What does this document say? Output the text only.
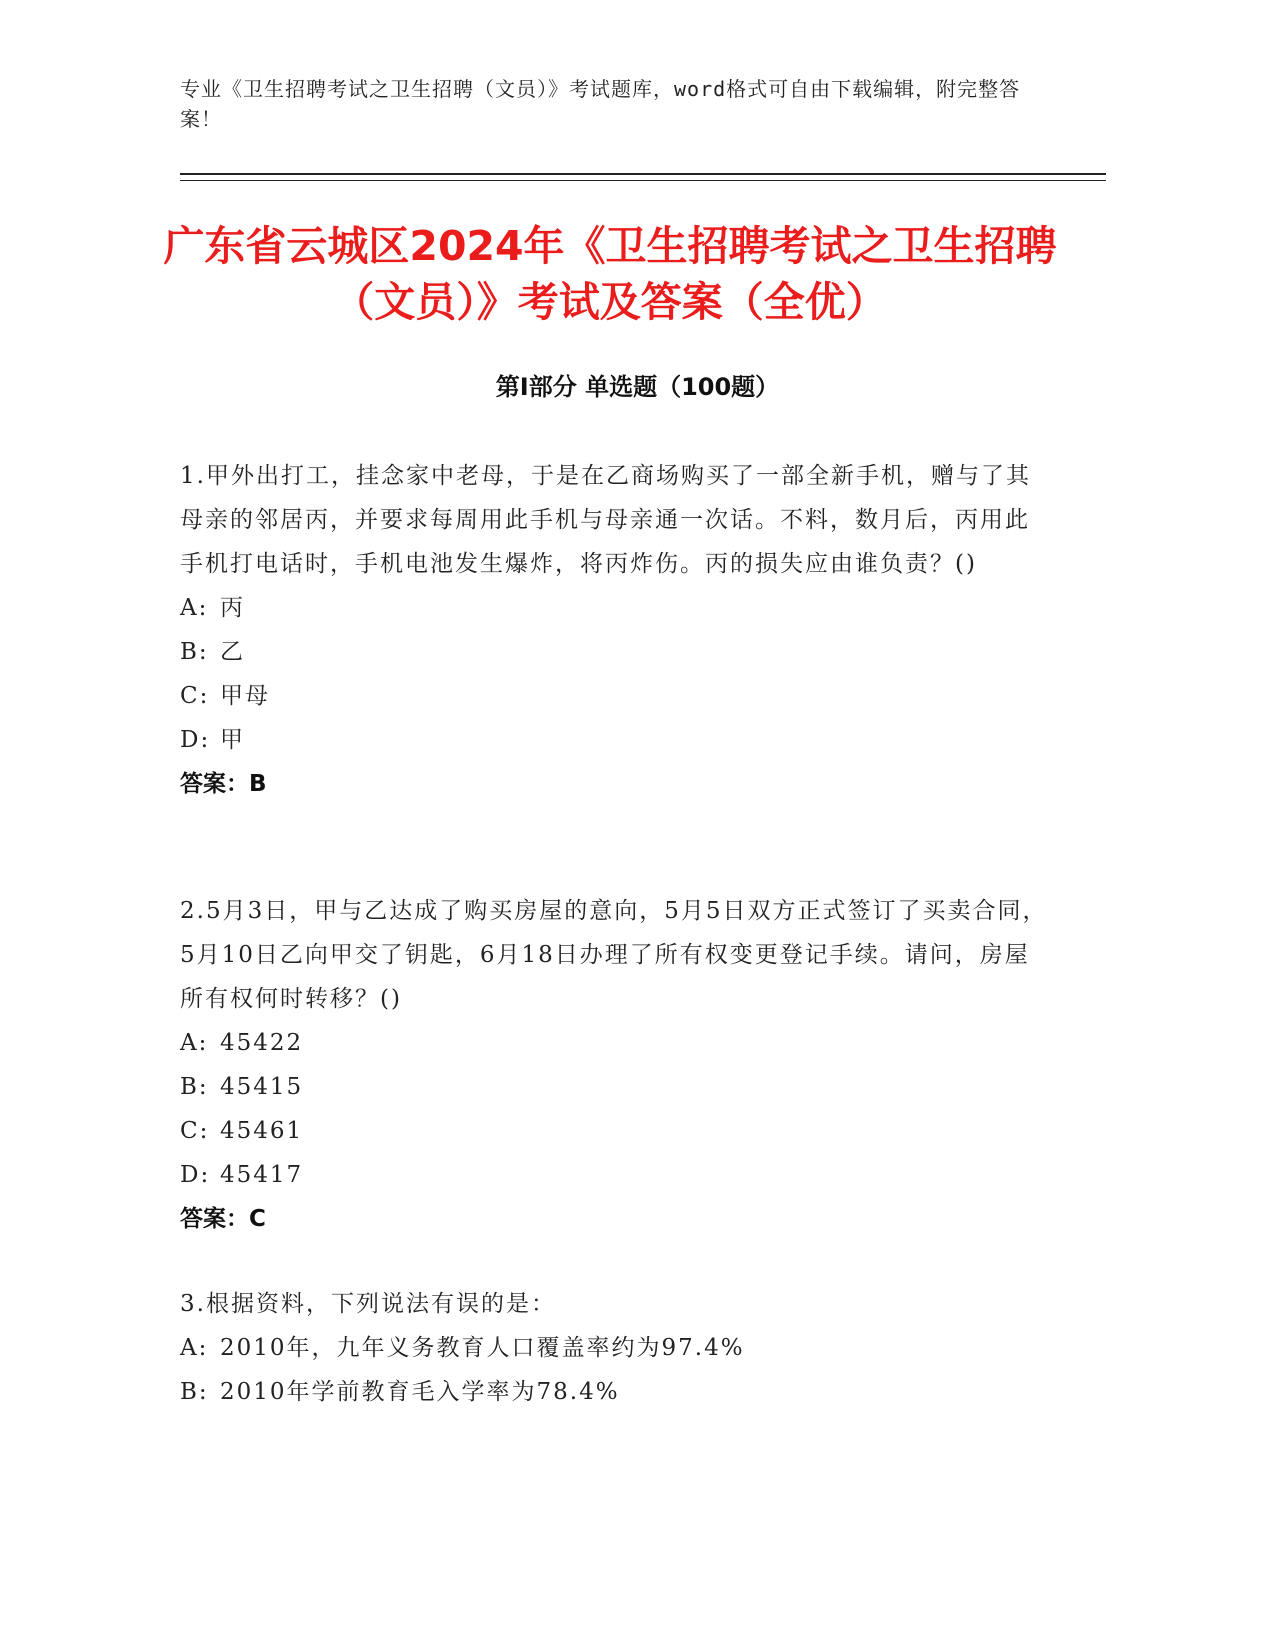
专业《卫生招聘考试之卫生招聘（文员）》考试题库，word格式可自由下载编辑，附完整答案！
广东省云城区2024年《卫生招聘考试之卫生招聘（文员）》考试及答案（全优）
第I部分 单选题（100题）
1.甲外出打工，挂念家中老母，于是在乙商场购买了一部全新手机，赠与了其母亲的邻居丙，并要求每周用此手机与母亲通一次话。不料，数月后，丙用此手机打电话时，手机电池发生爆炸，将丙炸伤。丙的损失应由谁负责？()
A: 丙
B: 乙
C: 甲母
D: 甲
答案：B
2.5月3日，甲与乙达成了购买房屋的意向，5月5日双方正式签订了买卖合同，5月10日乙向甲交了钥匙，6月18日办理了所有权变更登记手续。请问，房屋所有权何时转移？()
A: 45422
B: 45415
C: 45461
D: 45417
答案：C
3.根据资料，下列说法有误的是：
A: 2010年，九年义务教育人口覆盖率约为97.4%
B: 2010年学前教育毛入学率为78.4%
